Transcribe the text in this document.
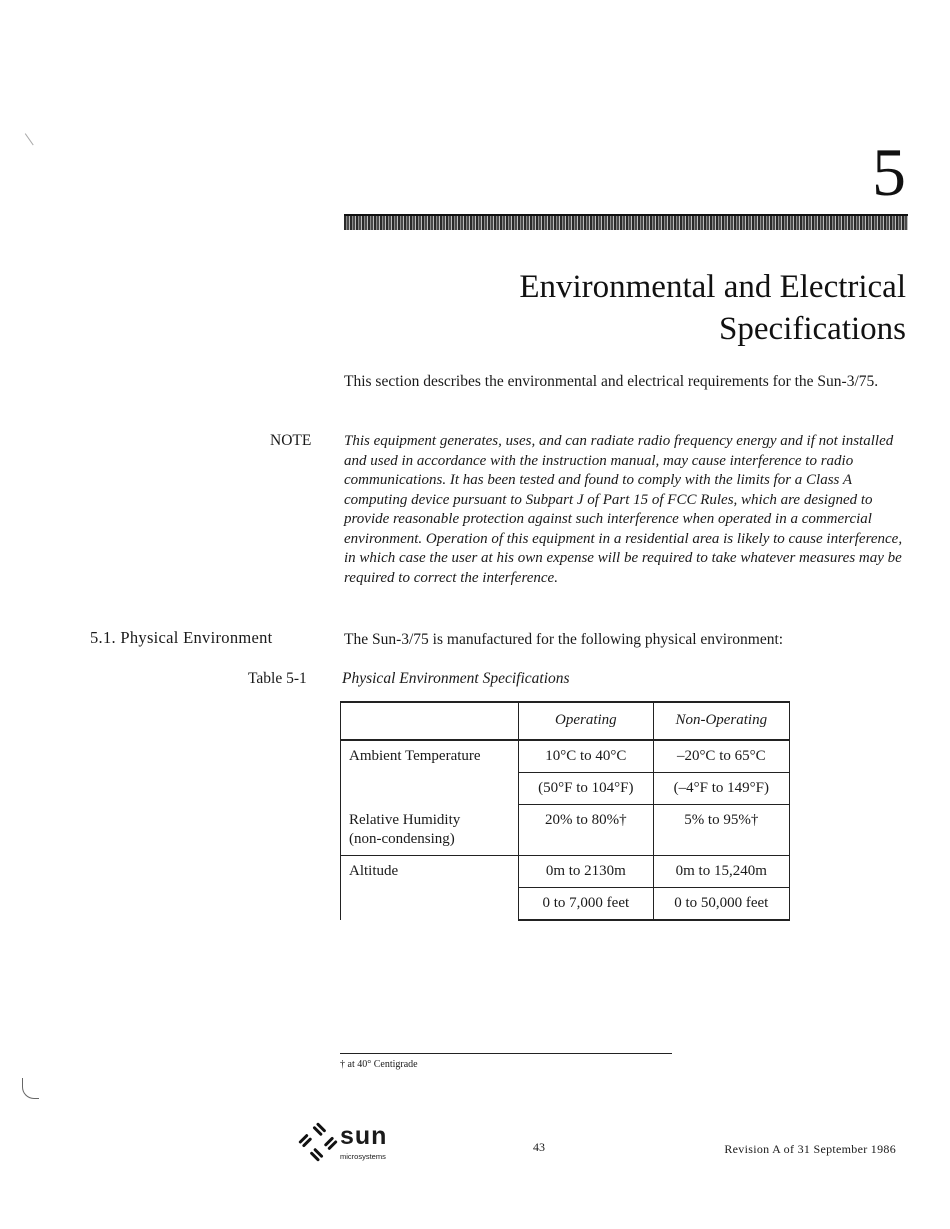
5
Environmental and Electrical
Specifications
This section describes the environmental and electrical requirements for the Sun-3/75.
NOTE This equipment generates, uses, and can radiate radio frequency energy and if not installed and used in accordance with the instruction manual, may cause interference to radio communications. It has been tested and found to comply with the limits for a Class A computing device pursuant to Subpart J of Part 15 of FCC Rules, which are designed to provide reasonable protection against such interference when operated in a commercial environment. Operation of this equipment in a residential area is likely to cause interference, in which case the user at his own expense will be required to take whatever measures may be required to correct the interference.
5.1. Physical Environment	The Sun-3/75 is manufactured for the following physical environment:
Table 5-1 Physical Environment Specifications
	Operating	Non-Operating
Ambient Temperature	10°C to 40°C	–20°C to 65°C
	(50°F to 104°F)	(–4°F to 149°F)

Relative Humidity
(non-condensing)	20% to 80%†	5% to 95%†
Altitude	0m to 2130m	0m to 15,240m
	0 to 7,000 feet	0 to 50,000 feet
† at 40° Centigrade
sun
microsystems
43	Revision A of 31 September 1986
